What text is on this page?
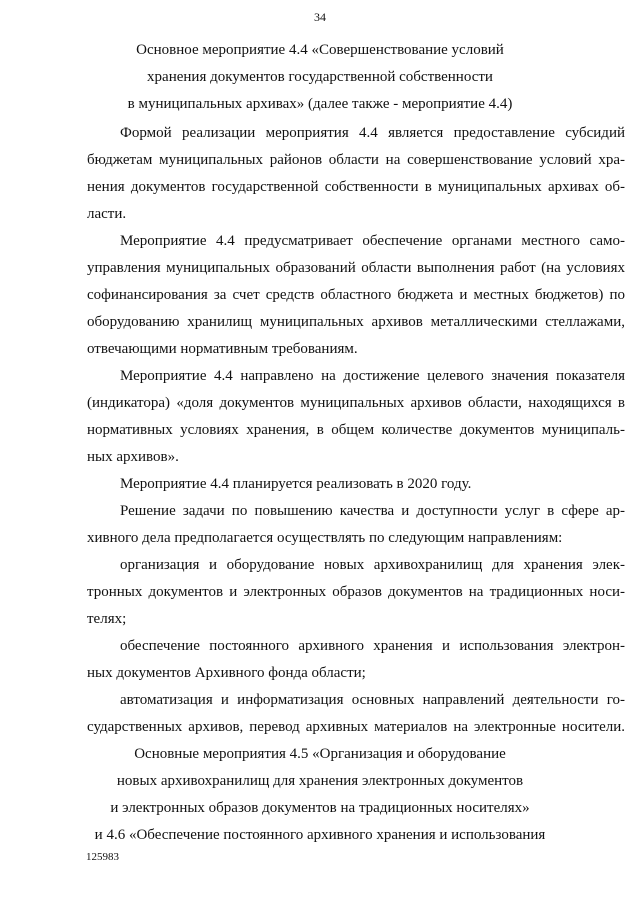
34
Основное мероприятие 4.4 «Совершенствование условий
хранения документов государственной собственности
в муниципальных архивах» (далее также - мероприятие 4.4)
Формой реализации мероприятия 4.4 является предоставление субсидий
бюджетам муниципальных районов области на совершенствование условий хра-
нения документов государственной собственности в муниципальных архивах об-
ласти.
Мероприятие 4.4 предусматривает обеспечение органами местного само-
управления муниципальных образований области выполнения работ (на условиях
софинансирования за счет средств областного бюджета и местных бюджетов) по
оборудованию хранилищ муниципальных архивов металлическими стеллажами,
отвечающими нормативным требованиям.
Мероприятие 4.4 направлено на достижение целевого значения показателя
(индикатора) «доля документов муниципальных архивов области, находящихся в
нормативных условиях хранения, в общем количестве документов муниципаль-
ных архивов».
Мероприятие 4.4 планируется реализовать в 2020 году.
Решение задачи по повышению качества и доступности услуг в сфере ар-
хивного дела предполагается осуществлять по следующим направлениям:
организация и оборудование новых архивохранилищ для хранения элек-
тронных документов и электронных образов документов на традиционных носи-
телях;
обеспечение постоянного архивного хранения и использования электрон-
ных документов Архивного фонда области;
автоматизация и информатизация основных направлений деятельности го-
сударственных архивов, перевод архивных материалов на электронные носители.
Основные мероприятия 4.5 «Организация и оборудование
новых архивохранилищ для хранения электронных документов
и электронных образов документов на традиционных носителях»
и 4.6 «Обеспечение постоянного архивного хранения и использования
125983
